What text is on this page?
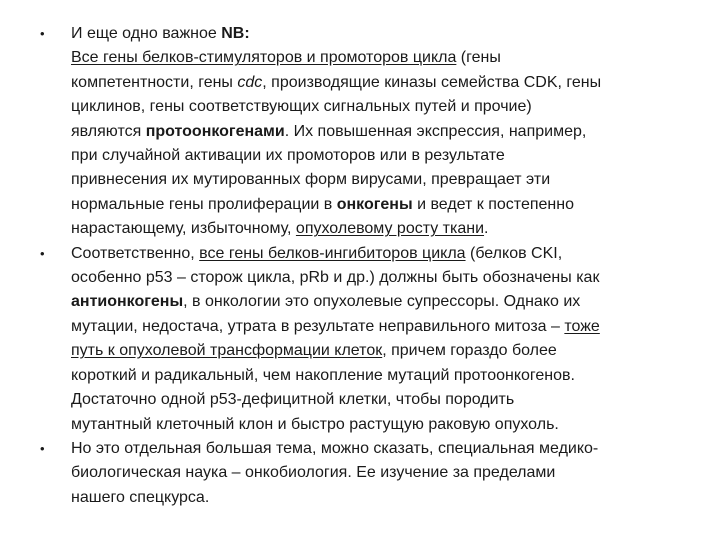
•	И еще одно важное NB:
Все гены белков-стимуляторов и промоторов цикла (гены
компетентности, гены cdc, производящие киназы семейства CDK, гены
циклинов, гены соответствующих сигнальных путей и прочие)
являются протоонкогенами. Их повышенная экспрессия, например,
при случайной активации их промоторов или в результате
привнесения их мутированных форм вирусами, превращает эти
нормальные гены пролиферации в онкогены и ведет к постепенно
нарастающему, избыточному, опухолевому росту ткани.
•	Соответственно, все гены белков-ингибиторов цикла (белков CKI,
особенно p53 – сторож цикла, pRb и др.) должны быть обозначены как
антионкогены, в онкологии это опухолевые супрессоры. Однако их
мутации, недостача, утрата в результате неправильного митоза – тоже
путь к опухолевой трансформации клеток, причем гораздо более
короткий и радикальный, чем накопление мутаций протоонкогенов.
Достаточно одной p53-дефицитной клетки, чтобы породить
мутантный клеточный клон и быстро растущую раковую опухоль.
•	Но это отдельная большая тема, можно сказать, специальная медико-
биологическая наука – онкобиология. Ее изучение за пределами
нашего спецкурса.
